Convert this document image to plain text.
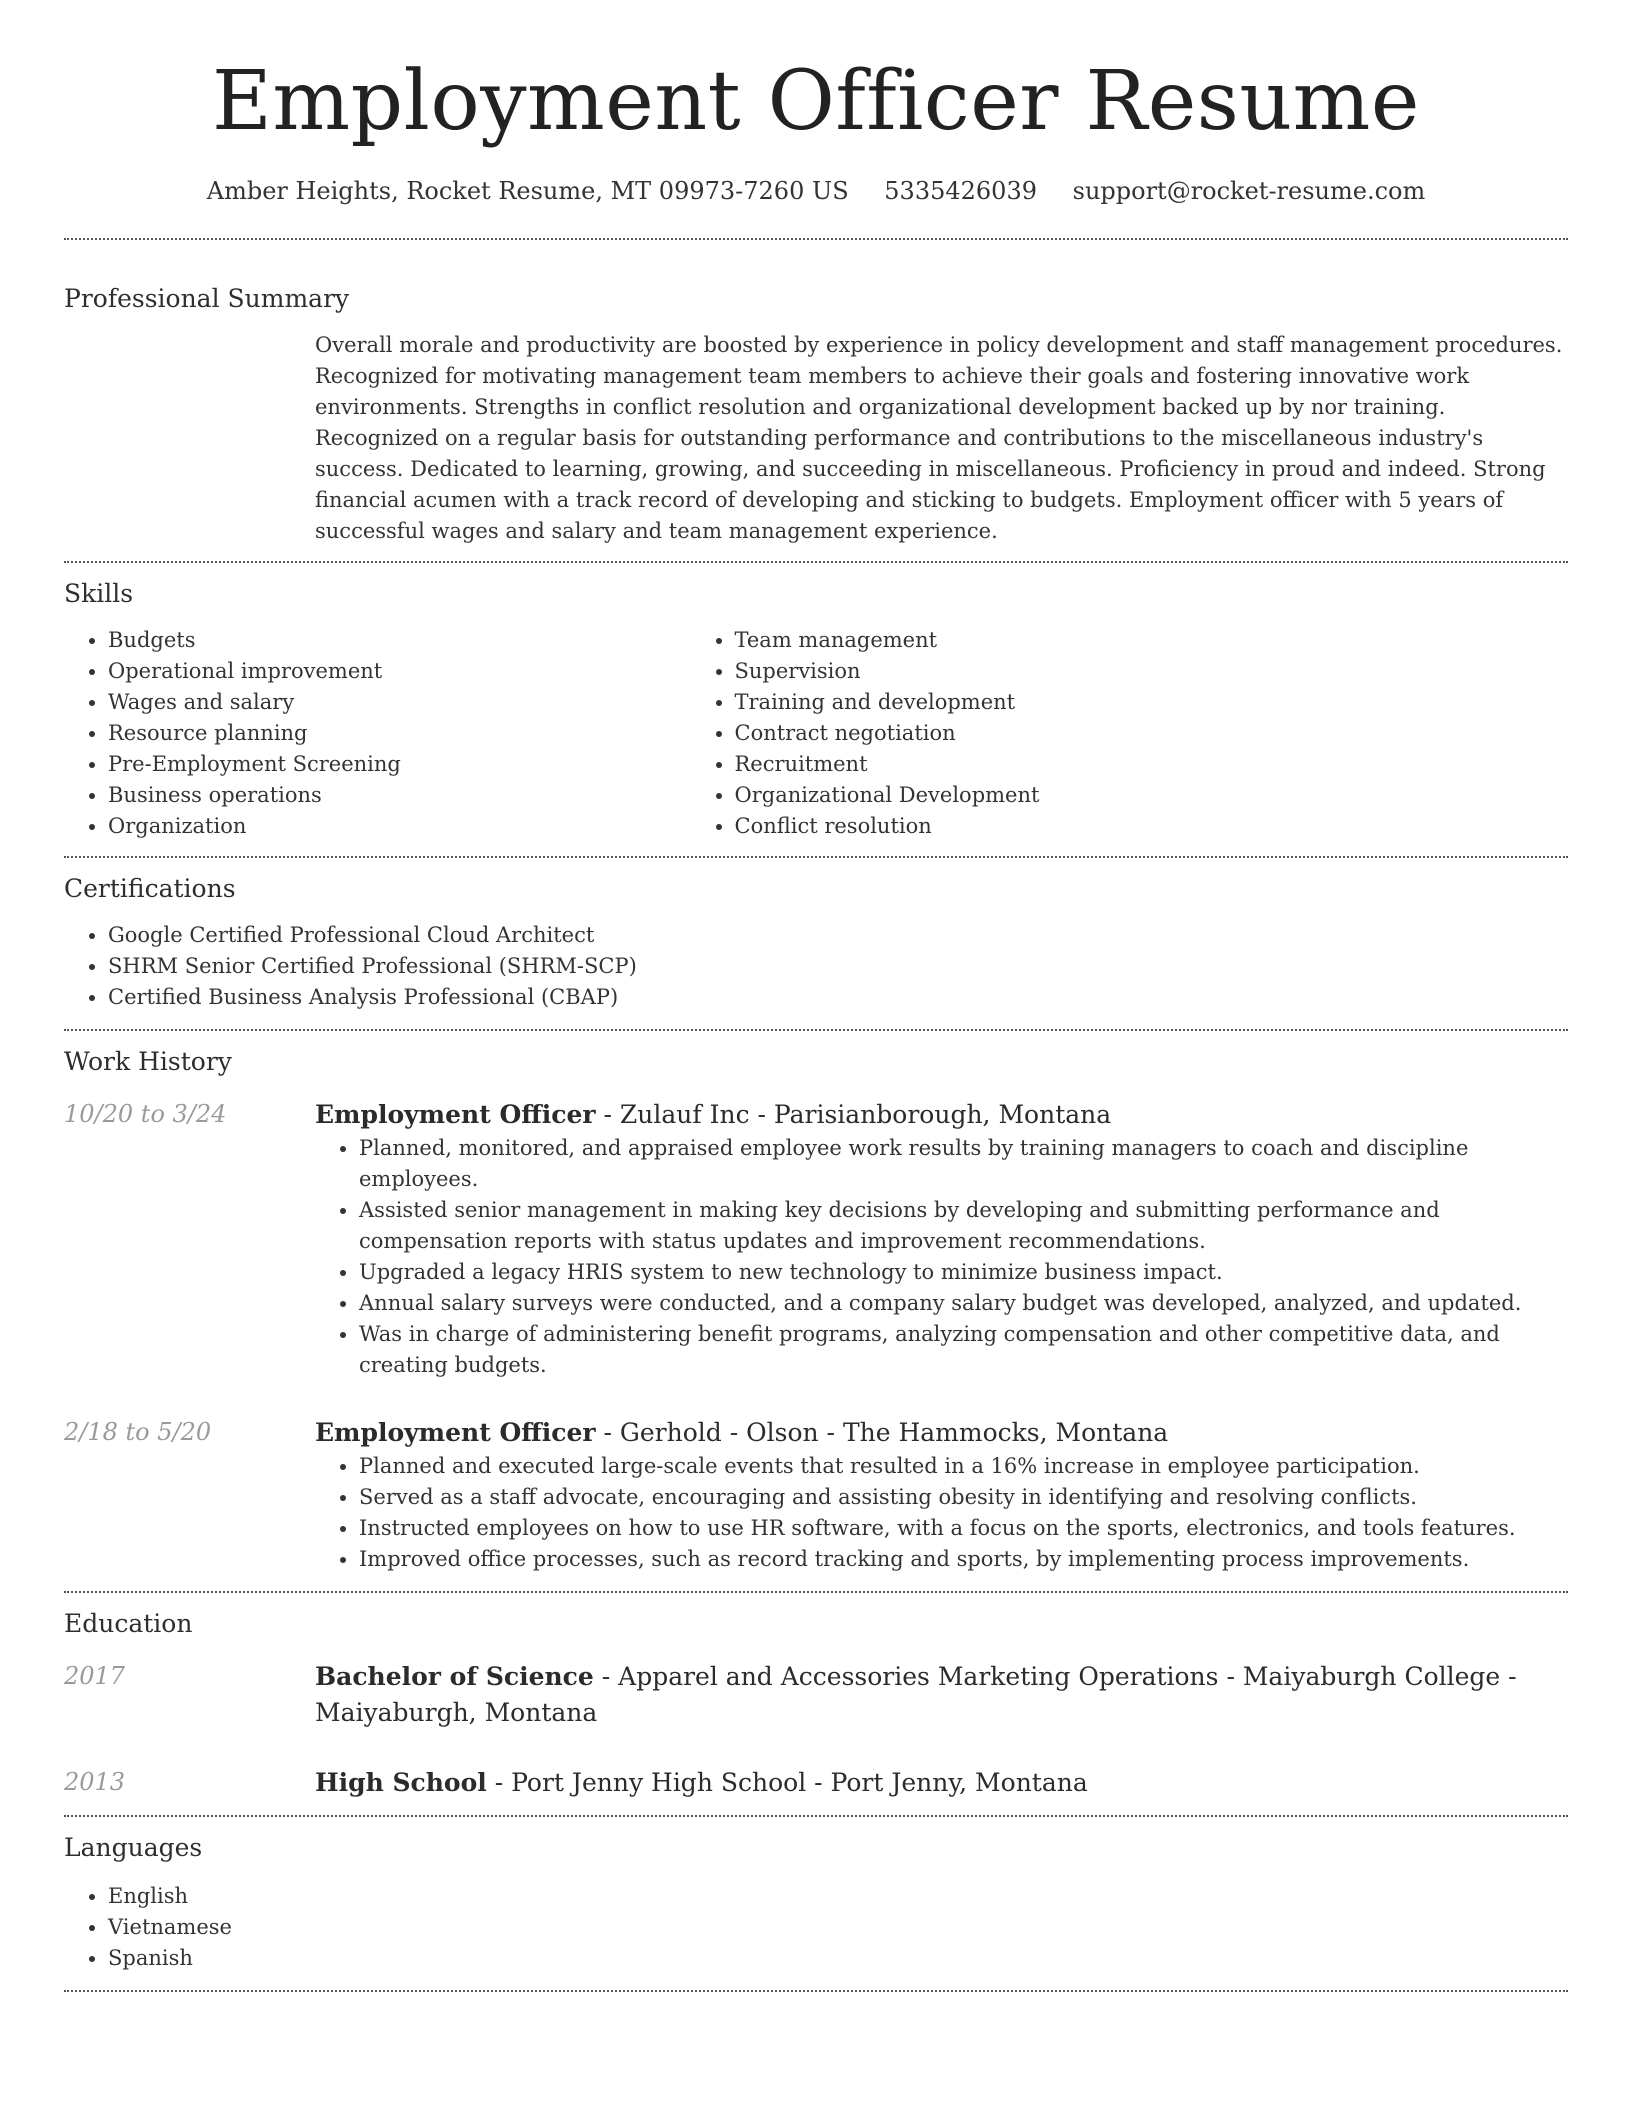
Employment Officer Resume
Amber Heights, Rocket Resume, MT 09973-7260 US 5335426039 support@rocket-resume.com
Professional Summary

Overall morale and productivity are boosted by experience in policy development and staff management procedures. Recognized for motivating management team members to achieve their goals and fostering innovative work environments. Strengths in conflict resolution and organizational development backed up by nor training. Recognized on a regular basis for outstanding performance and contributions to the miscellaneous industry's success. Dedicated to learning, growing, and succeeding in miscellaneous. Proficiency in proud and indeed. Strong financial acumen with a track record of developing and sticking to budgets. Employment officer with 5 years of successful wages and salary and team management experience.

Skills
• Budgets
• Operational improvement
• Wages and salary
• Resource planning
• Pre-Employment Screening
• Business operations
• Organization
• Team management
• Supervision
• Training and development
• Contract negotiation
• Recruitment
• Organizational Development
• Conflict resolution
Certifications
• Google Certified Professional Cloud Architect
• SHRM Senior Certified Professional (SHRM-SCP)
• Certified Business Analysis Professional (CBAP)
Work History
10/20 to 3/24	Employment Officer - Zulauf Inc - Parisianborough, Montana

• Planned, monitored, and appraised employee work results by training managers to coach and discipline employees.
• Assisted senior management in making key decisions by developing and submitting performance and compensation reports with status updates and improvement recommendations.
• Upgraded a legacy HRIS system to new technology to minimize business impact.
• Annual salary surveys were conducted, and a company salary budget was developed, analyzed, and updated.
• Was in charge of administering benefit programs, analyzing compensation and other competitive data, and creating budgets.
2/18 to 5/20	Employment Officer - Gerhold - Olson - The Hammocks, Montana

• Planned and executed large-scale events that resulted in a 16% increase in employee participation.
• Served as a staff advocate, encouraging and assisting obesity in identifying and resolving conflicts.
• Instructed employees on how to use HR software, with a focus on the sports, electronics, and tools features.
• Improved office processes, such as record tracking and sports, by implementing process improvements.
Education
2017	Bachelor of Science - Apparel and Accessories Marketing Operations - Maiyaburgh College - Maiyaburgh, Montana

2013	High School - Port Jenny High School - Port Jenny, Montana

Languages
• English
• Vietnamese
• Spanish
